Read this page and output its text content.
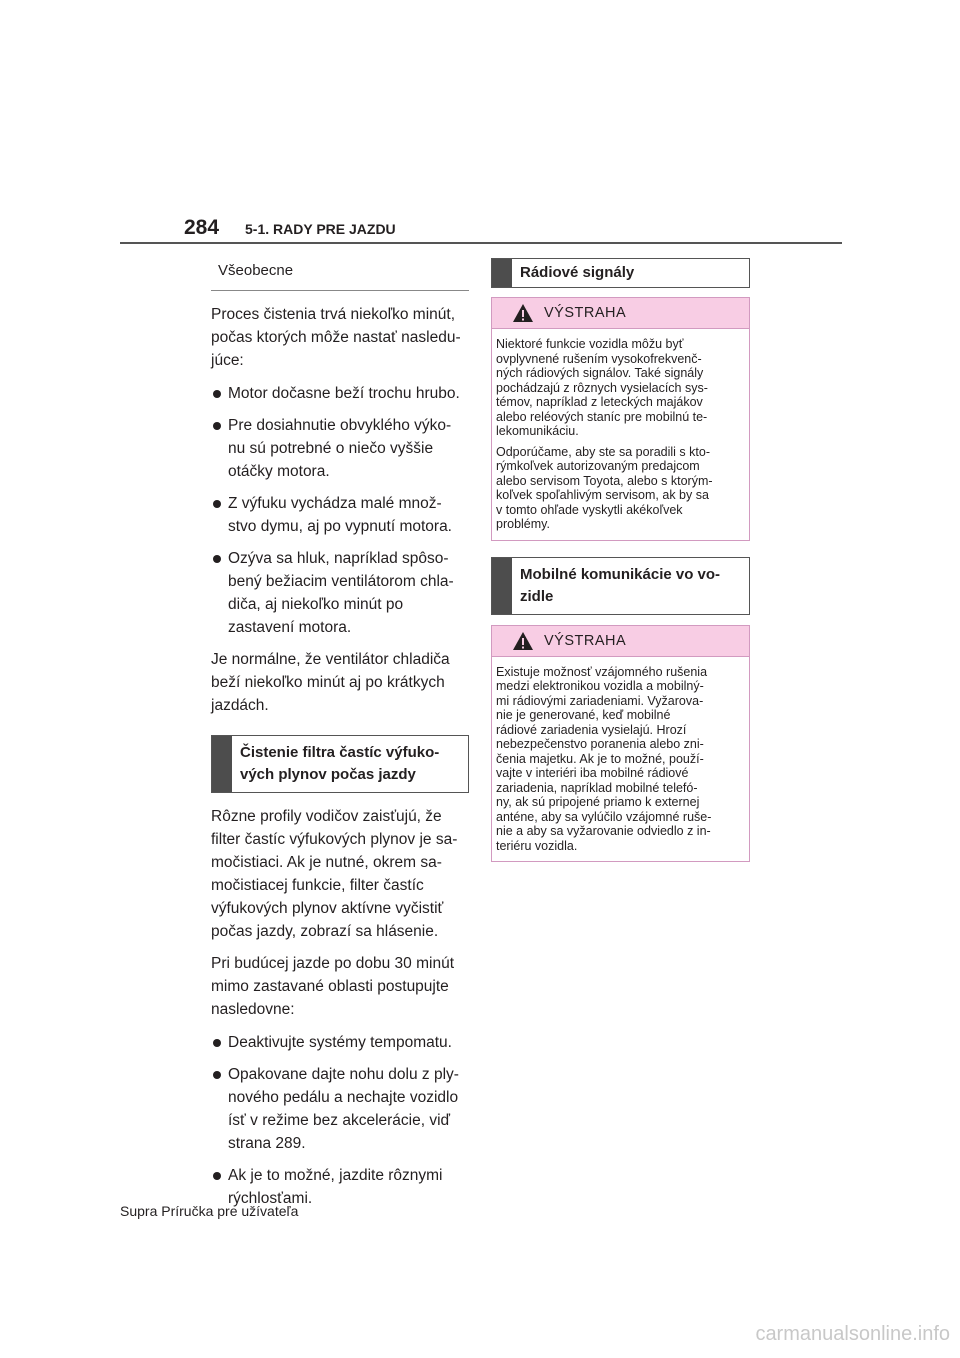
284 5-1. RADY PRE JAZDU
Všeobecne

Proces čistenia trvá niekoľko minút,
počas ktorých môže nastať nasledu-
júce:

Motor dočasne beží trochu hrubo.

Pre dosiahnutie obvyklého výko-
nu sú potrebné o niečo vyššie
otáčky motora.

Z výfuku vychádza malé množ-
stvo dymu, aj po vypnutí motora.

Ozýva sa hluk, napríklad spôso-
bený bežiacim ventilátorom chla-
diča, aj niekoľko minút po
zastavení motora.

Je normálne, že ventilátor chladiča
beží niekoľko minút aj po krátkych
jazdách.

Čistenie filtra častíc výfuko-
vých plynov počas jazdy

Rôzne profily vodičov zaisťujú, že
filter častíc výfukových plynov je sa-
močistiaci. Ak je nutné, okrem sa-
močistiacej funkcie, filter častíc
výfukových plynov aktívne vyčistiť
počas jazdy, zobrazí sa hlásenie.

Pri budúcej jazde po dobu 30 minút
mimo zastavané oblasti postupujte
nasledovne:

Deaktivujte systémy tempomatu.

Opakovane dajte nohu dolu z ply-
nového pedálu a nechajte vozidlo
ísť v režime bez akcelerácie, viď
strana 289.

Ak je to možné, jazdite rôznymi
rýchlosťami.

Rádiové signály
VÝSTRAHA

Niektoré funkcie vozidla môžu byť
ovplyvnené rušením vysokofrekvenč-
ných rádiových signálov. Také signály
pochádzajú z rôznych vysielacích sys-
témov, napríklad z leteckých majákov
alebo reléových staníc pre mobilnú te-
lekomunikáciu.

Odporúčame, aby ste sa poradili s kto-
rýmkoľvek autorizovaným predajcom
alebo servisom Toyota, alebo s ktorým-
koľvek spoľahlivým servisom, ak by sa
v tomto ohľade vyskytli akékoľvek
problémy.

Mobilné komunikácie vo vo-
zidle
VÝSTRAHA

Existuje možnosť vzájomného rušenia
medzi elektronikou vozidla a mobilný-
mi rádiovými zariadeniami. Vyžarova-
nie je generované, keď mobilné
rádiové zariadenia vysielajú. Hrozí
nebezpečenstvo poranenia alebo zni-
čenia majetku. Ak je to možné, použí-
vajte v interiéri iba mobilné rádiové
zariadenia, napríklad mobilné telefó-
ny, ak sú pripojené priamo k externej
anténe, aby sa vylúčilo vzájomné ruše-
nie a aby sa vyžarovanie odviedlo z in-
teriéru vozidla.

Supra Príručka pre užívateľa
carmanualsonline.info
